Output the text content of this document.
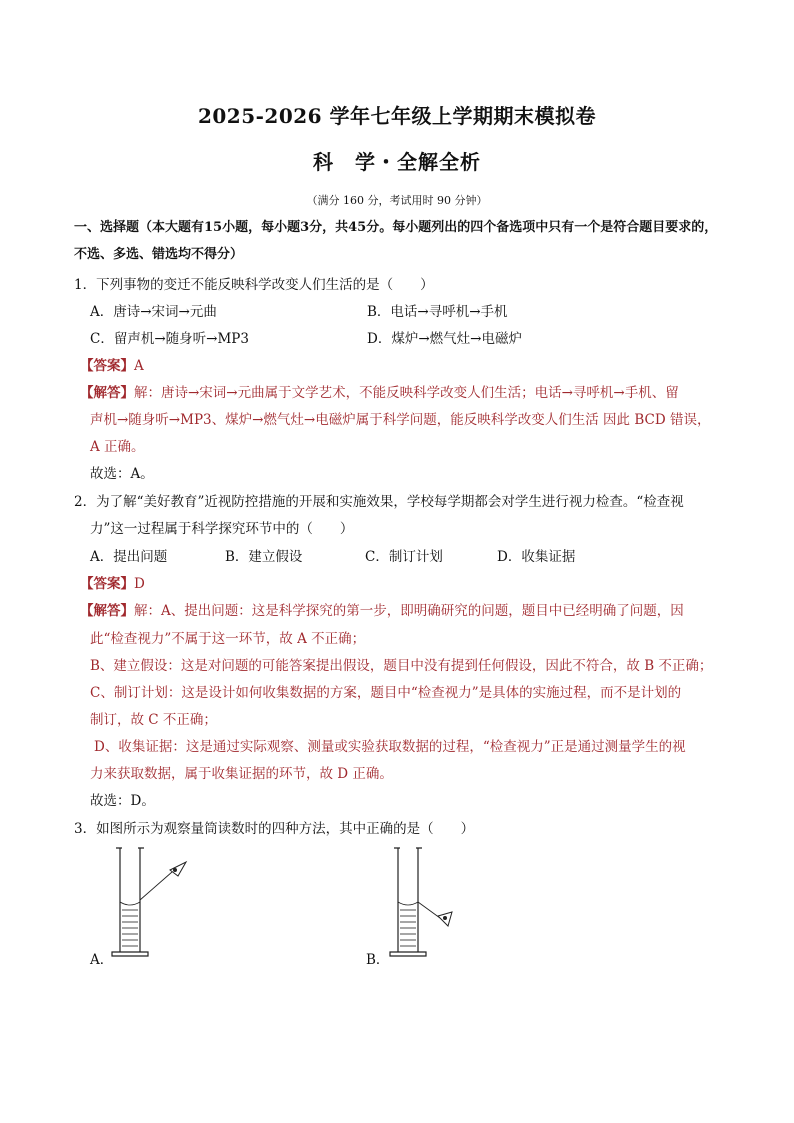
2025-2026 学年七年级上学期期末模拟卷
科　学・全解全析
（满分 160 分，考试用时 90 分钟）
一、选择题（本大题有15小题，每小题3分，共45分。每小题列出的四个备选项中只有一个是符合题目要求的，不选、多选、错选均不得分）
1．下列事物的变迁不能反映科学改变人们生活的是（　　）
A．唐诗→宋词→元曲	B．电话→寻呼机→手机
C．留声机→随身听→MP3	D．煤炉→燃气灶→电磁炉
【答案】A
【解答】解：唐诗→宋词→元曲属于文学艺术，不能反映科学改变人们生活；电话→寻呼机→手机、留
声机→随身听→MP3、煤炉→燃气灶→电磁炉属于科学问题，能反映科学改变人们生活 因此 BCD 错误，
A 正确。
故选：A。
2．为了解“美好教育”近视防控措施的开展和实施效果，学校每学期都会对学生进行视力检查。“检查视
力”这一过程属于科学探究环节中的（　　）
A．提出问题	B．建立假设	C．制订计划	D．收集证据
【答案】D
【解答】解：A、提出问题：这是科学探究的第一步，即明确研究的问题，题目中已经明确了问题，因
此“检查视力”不属于这一环节，故 A 不正确；
B、建立假设：这是对问题的可能答案提出假设，题目中没有提到任何假设，因此不符合，故 B 不正确；
C、制订计划：这是设计如何收集数据的方案，题目中“检查视力”是具体的实施过程，而不是计划的
制订，故 C 不正确；
D、收集证据：这是通过实际观察、测量或实验获取数据的过程，“检查视力”正是通过测量学生的视
力来获取数据，属于收集证据的环节，故 D 正确。
故选：D。
3．如图所示为观察量筒读数时的四种方法，其中正确的是（　　）
A．	B．
